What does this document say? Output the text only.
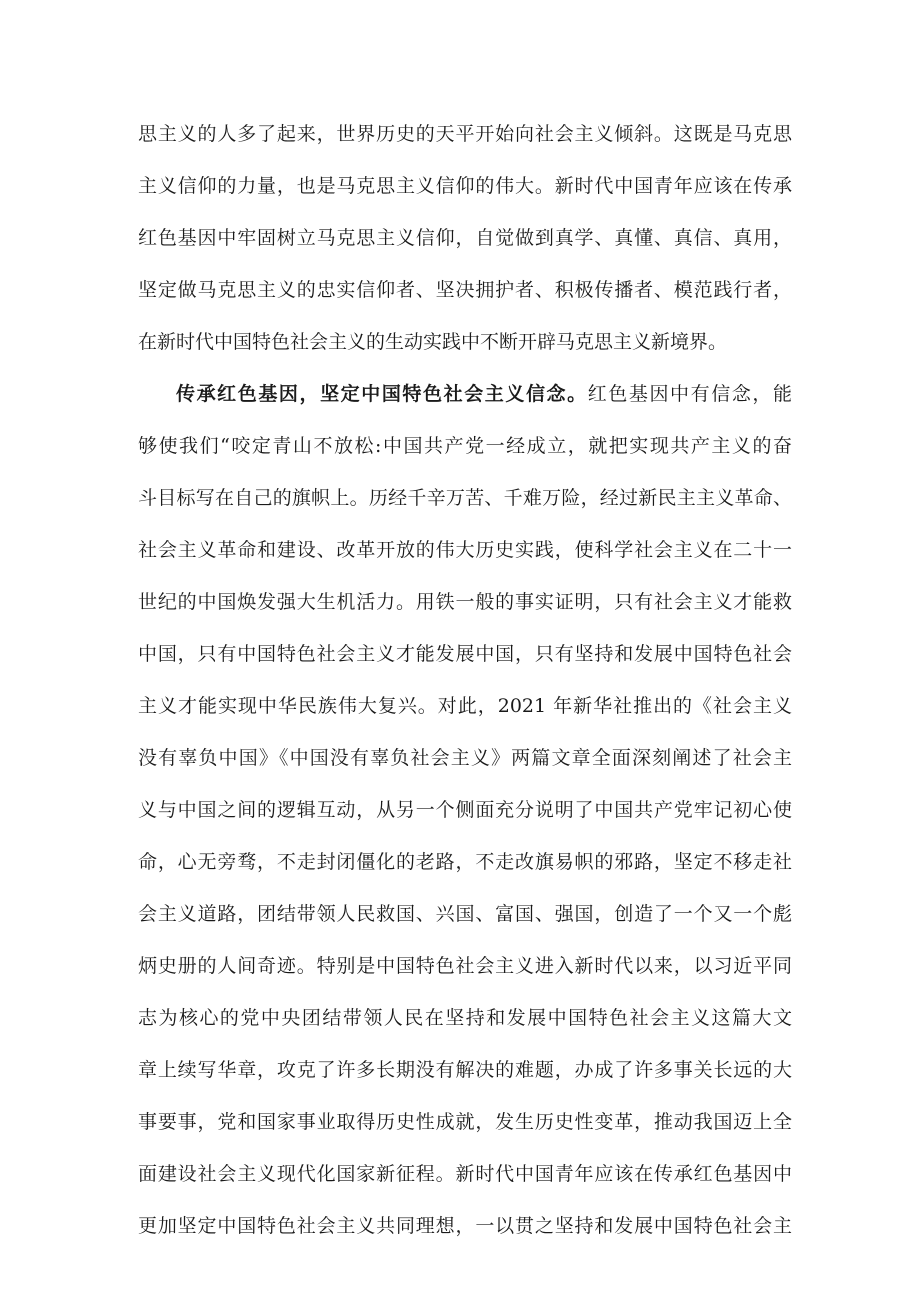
思主义的人多了起来，世界历史的天平开始向社会主义倾斜。这既是马克思
主义信仰的力量，也是马克思主义信仰的伟大。新时代中国青年应该在传承
红色基因中牢固树立马克思主义信仰，自觉做到真学、真懂、真信、真用，
坚定做马克思主义的忠实信仰者、坚决拥护者、积极传播者、模范践行者，
在新时代中国特色社会主义的生动实践中不断开辟马克思主义新境界。
传承红色基因，坚定中国特色社会主义信念。红色基因中有信念，能
够使我们“咬定青山不放松:中国共产党一经成立，就把实现共产主义的奋
斗目标写在自己的旗帜上。历经千辛万苦、千难万险，经过新民主主义革命、
社会主义革命和建设、改革开放的伟大历史实践，使科学社会主义在二十一
世纪的中国焕发强大生机活力。用铁一般的事实证明，只有社会主义才能救
中国，只有中国特色社会主义才能发展中国，只有坚持和发展中国特色社会
主义才能实现中华民族伟大复兴。对此，2021 年新华社推出的《社会主义
没有辜负中国》《中国没有辜负社会主义》两篇文章全面深刻阐述了社会主
义与中国之间的逻辑互动，从另一个侧面充分说明了中国共产党牢记初心使
命，心无旁骛，不走封闭僵化的老路，不走改旗易帜的邪路，坚定不移走社
会主义道路，团结带领人民救国、兴国、富国、强国，创造了一个又一个彪
炳史册的人间奇迹。特别是中国特色社会主义进入新时代以来，以习近平同
志为核心的党中央团结带领人民在坚持和发展中国特色社会主义这篇大文
章上续写华章，攻克了许多长期没有解决的难题，办成了许多事关长远的大
事要事，党和国家事业取得历史性成就，发生历史性变革，推动我国迈上全
面建设社会主义现代化国家新征程。新时代中国青年应该在传承红色基因中
更加坚定中国特色社会主义共同理想，一以贯之坚持和发展中国特色社会主
